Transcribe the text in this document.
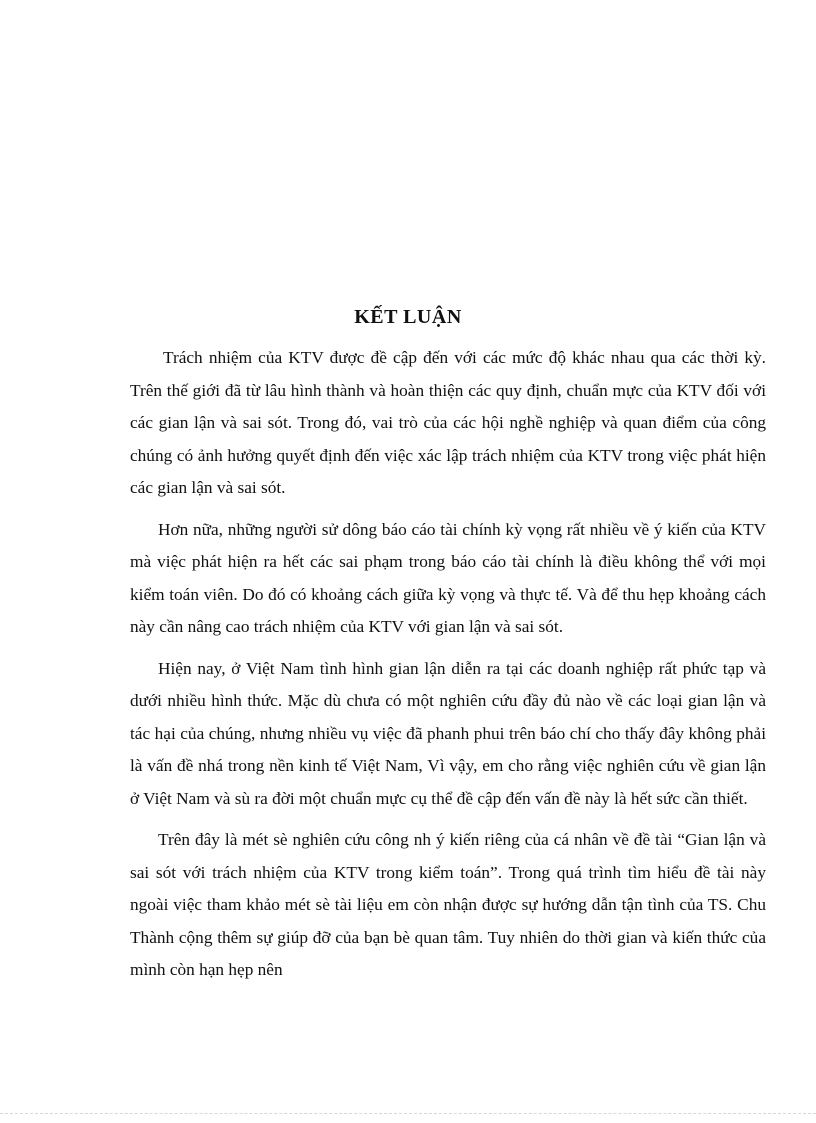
KẾT LUẬN

Trách nhiệm của KTV được đề cập đến với các mức độ khác nhau qua các thời kỳ. Trên thế giới đã từ lâu hình thành và hoàn thiện các quy định, chuẩn mực của KTV đối với các gian lận và sai sót. Trong đó, vai trò của các hội nghề nghiệp và quan điểm của công chúng có ảnh hưởng quyết định đến việc xác lập trách nhiệm của KTV trong việc phát hiện các gian lận và sai sót.

Hơn nữa, những người sử dông báo cáo tài chính kỳ vọng rất nhiều về ý kiến của KTV mà việc phát hiện ra hết các sai phạm trong báo cáo tài chính là điều không thể với mọi kiểm toán viên. Do đó có khoảng cách giữa kỳ vọng và thực tế. Và để thu hẹp khoảng cách này cần nâng cao trách nhiệm của KTV với gian lận và sai sót.

Hiện nay, ở Việt Nam tình hình gian lận diễn ra tại các doanh nghiệp rất phức tạp và dưới nhiều hình thức. Mặc dù chưa có một nghiên cứu đầy đủ nào về các loại gian lận và tác hại của chúng, nhưng nhiều vụ việc đã phanh phui trên báo chí cho thấy đây không phải là vấn đề nhá trong nền kinh tế Việt Nam, Vì vậy, em cho rằng việc nghiên cứu về gian lận ở Việt Nam và sù ra đời một chuẩn mực cụ thể đề cập đến vấn đề này là hết sức cần thiết.

Trên đây là mét sè nghiên cứu công nh ý kiến riêng của cá nhân về đề tài “Gian lận và sai sót với trách nhiệm của KTV trong kiểm toán”. Trong quá trình tìm hiểu đề tài này ngoài việc tham khảo mét sè tài liệu em còn nhận được sự hướng dẫn tận tình của TS. Chu Thành cộng thêm sự giúp đỡ của bạn bè quan tâm. Tuy nhiên do thời gian và kiến thức của mình còn hạn hẹp nên
